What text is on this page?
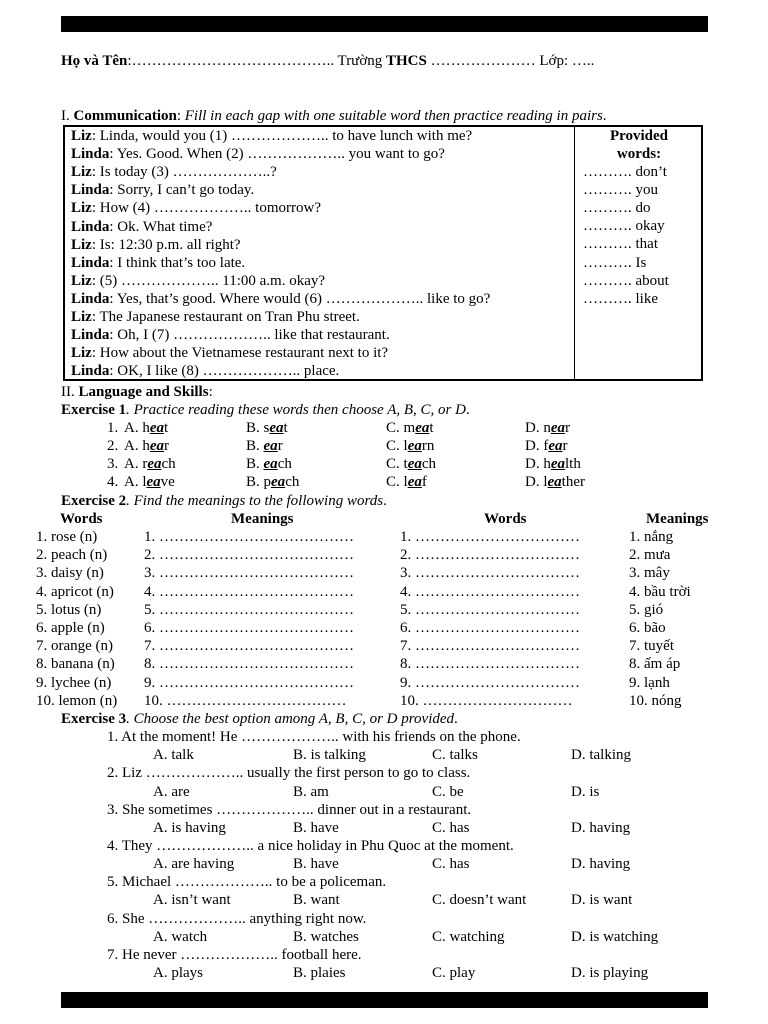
Họ và Tên:………………………………….. Trường THCS ………………… Lớp: …..
I. Communication: Fill in each gap with one suitable word then practice reading in pairs.
Liz: Linda, would you (1) ……………….. to have lunch with me?
Linda: Yes. Good. When (2) ……………….. you want to go?
Liz: Is today (3) ………………..?
Linda: Sorry, I can’t go today.
Liz: How (4) ……………….. tomorrow?
Linda: Ok. What time?
Liz: Is: 12:30 p.m. all right?
Linda: I think that’s too late.
Liz: (5) ……………….. 11:00 a.m. okay?
Linda: Yes, that’s good. Where would (6) ……………….. like to go?
Liz: The Japanese restaurant on Tran Phu street.
Linda: Oh, I (7) ……………….. like that restaurant.
Liz: How about the Vietnamese restaurant next to it?
Linda: OK, I like (8) ……………….. place.
Provided
words:
………. don’t
………. you
………. do
………. okay
………. that
………. Is
………. about
………. like
II. Language and Skills:
Exercise 1. Practice reading these words then choose A, B, C, or D.
1. A. heat	B. seat	C. meat	D. near
2. A. hear	B. ear	C. learn	D. fear
3. A. reach	B. each	C. teach	D. health
4. A. leave	B. peach	C. leaf	D. leather
Exercise 2. Find the meanings to the following words.
Words	Meanings	Words	Meanings
1. rose (n)	1. …………………………………	1. ……………………………	1. nắng
2. peach (n) 2. …………………………………	2. ……………………………	2. mưa
3. daisy (n)	3. …………………………………	3. ……………………………	3. mây
4. apricot (n) 4. …………………………………	4. ……………………………	4. bầu trời
5. lotus (n)	5. …………………………………	5. ……………………………	5. gió
6. apple (n)	6. …………………………………	6. ……………………………	6. bão
7. orange (n) 7. …………………………………	7. ……………………………	7. tuyết
8. banana (n) 8. …………………………………	8. ……………………………	8. ấm áp
9. lychee (n) 9. …………………………………	9. ……………………………	9. lạnh
10. lemon (n) 10. ………………………………	10. …………………………	10. nóng
Exercise 3. Choose the best option among A, B, C, or D provided.
1. At the moment! He ……………….. with his friends on the phone.
A. talk	B. is talking	C. talks	D. talking
2. Liz ……………….. usually the first person to go to class.
A. are	B. am	C. be	D. is
3. She sometimes ……………….. dinner out in a restaurant.
A. is having	B. have	C. has	D. having
4. They ……………….. a nice holiday in Phu Quoc at the moment.
A. are having	B. have	C. has	D. having
5. Michael ……………….. to be a policeman.
A. isn’t want	B. want	C. doesn’t want	D. is want
6. She ……………….. anything right now.
A. watch	B. watches	C. watching	D. is watching
7. He never ……………….. football here.
A. plays	B. plaies	C. play	D. is playing
